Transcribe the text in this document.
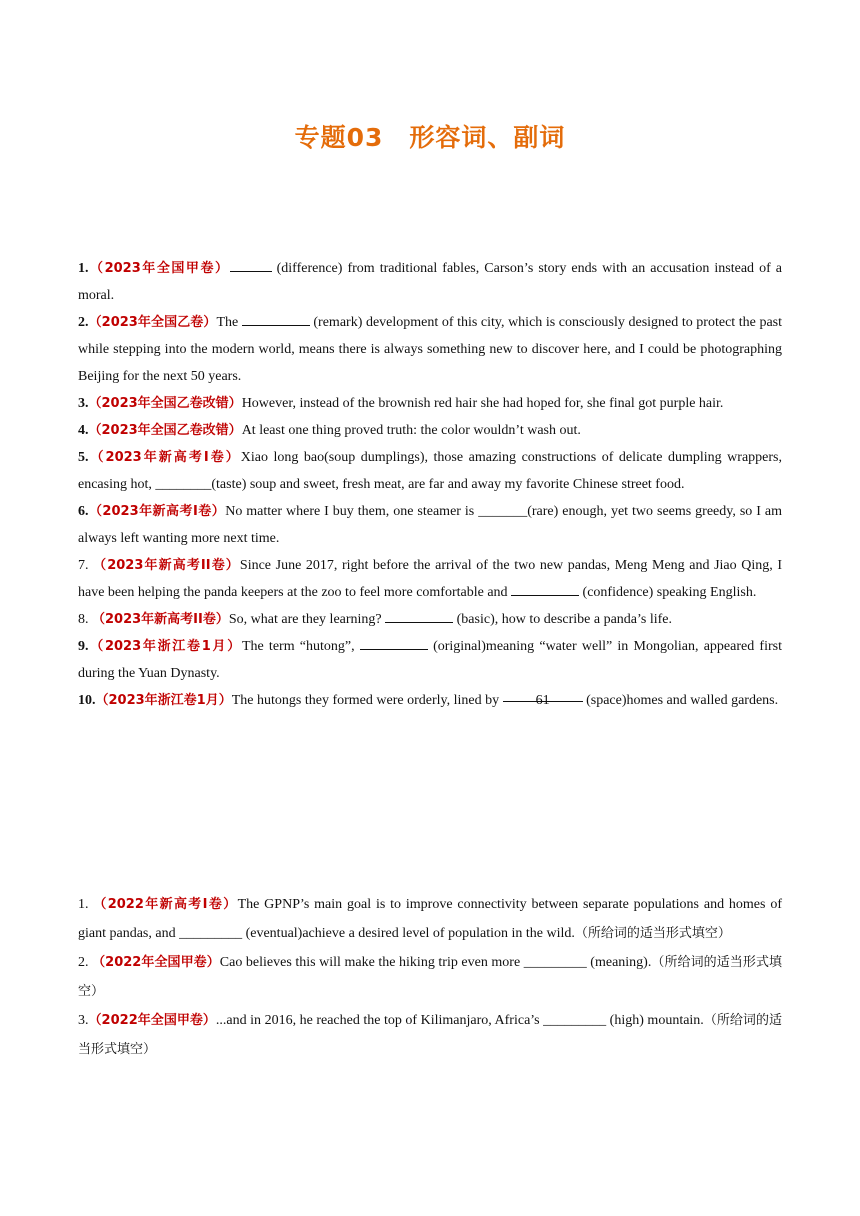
专题03　形容词、副词

1.（2023年全国甲卷）	(difference) from traditional fables, Carson’s story ends with an accusation instead of a moral.

2.（2023年全国乙卷）The	(remark) development of this city, which is consciously designed to protect the past while stepping into the modern world, means there is always something new to discover here, and I could be photographing Beijing for the next 50 years.

3.（2023年全国乙卷改错）However, instead of the brownish red hair she had hoped for, she final got purple hair.

4.（2023年全国乙卷改错）At least one thing proved truth: the color wouldn’t wash out.

5.（2023年新高考I卷）Xiao long bao(soup dumplings), those amazing constructions of delicate dumpling wrappers, encasing hot, ________(taste) soup and sweet, fresh meat, are far and away my favorite Chinese street food.

6.（2023年新高考I卷）No matter where I buy them, one steamer is _______(rare) enough, yet two seems greedy, so I am always left wanting more next time.

7. （2023年新高考II卷）Since June 2017, right before the arrival of the two new pandas, Meng Meng and Jiao Qing, I have been helping the panda keepers at the zoo to feel more comfortable and	(confidence) speaking English.

8. （2023年新高考II卷）So, what are they learning?	(basic), how to describe a panda’s life.

9.（2023年浙江卷1月）The term “hutong”,	(original)meaning “water well” in Mongolian, appeared first during the Yuan Dynasty.

10.（2023年浙江卷1月）The hutongs they formed were orderly, lined by 61 (space)homes and walled gardens.

1. （2022年新高考I卷）The GPNP’s main goal is to improve connectivity between separate populations and homes of giant pandas, and _________ (eventual)achieve a desired level of population in the wild.（所给词的适当形式填空）

2. （2022年全国甲卷）Cao believes this will make the hiking trip even more _________ (meaning).（所给词的适当形式填空）

3.（2022年全国甲卷）...and in 2016, he reached the top of Kilimanjaro, Africa’s _________ (high) mountain.（所给词的适当形式填空）
